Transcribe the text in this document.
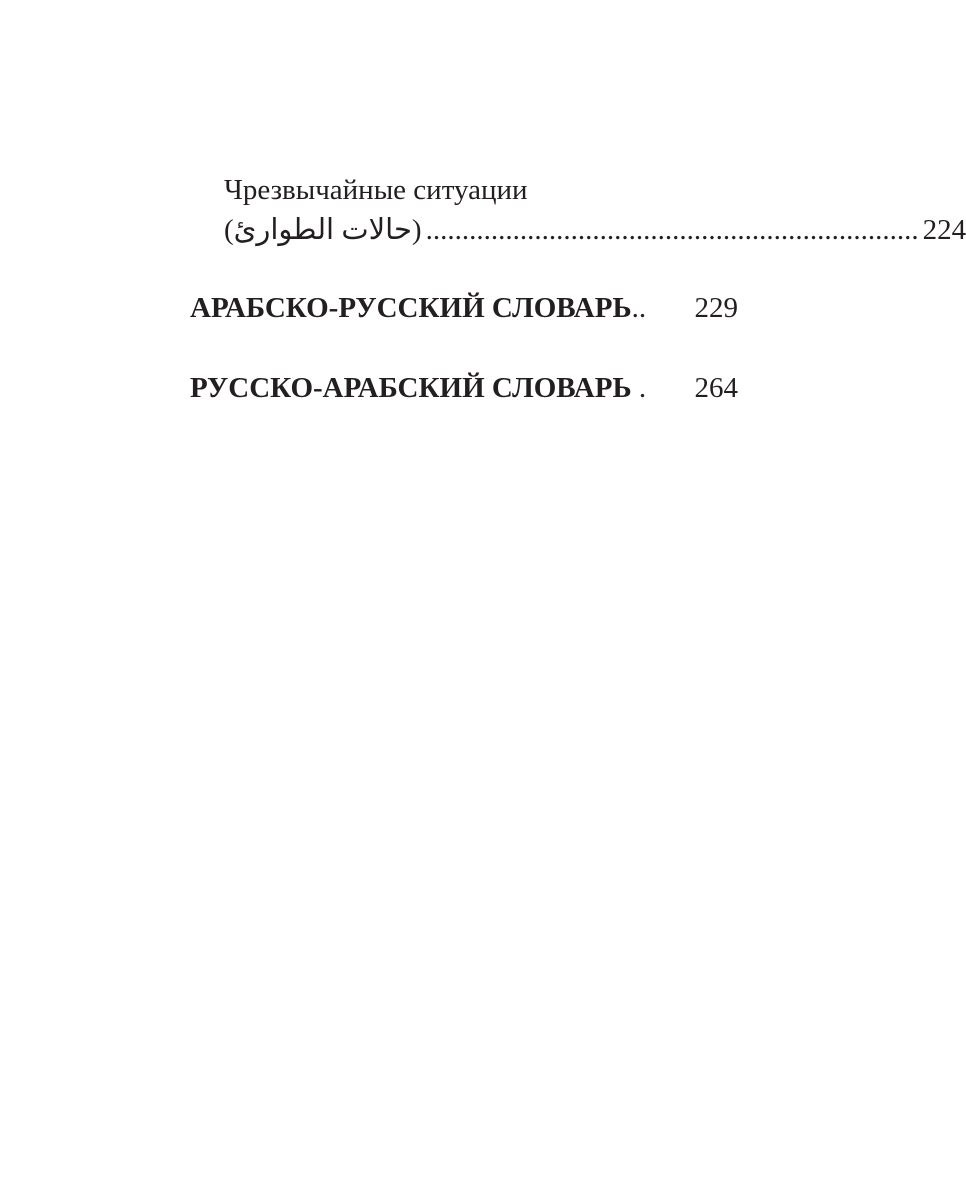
Чрезвычайные ситуации
(حالات الطوارئ) .................................................................... 224
АРАБСКО-РУССКИЙ СЛОВАРЬ ..	229
РУССКО-АРАБСКИЙ СЛОВАРЬ .	264
